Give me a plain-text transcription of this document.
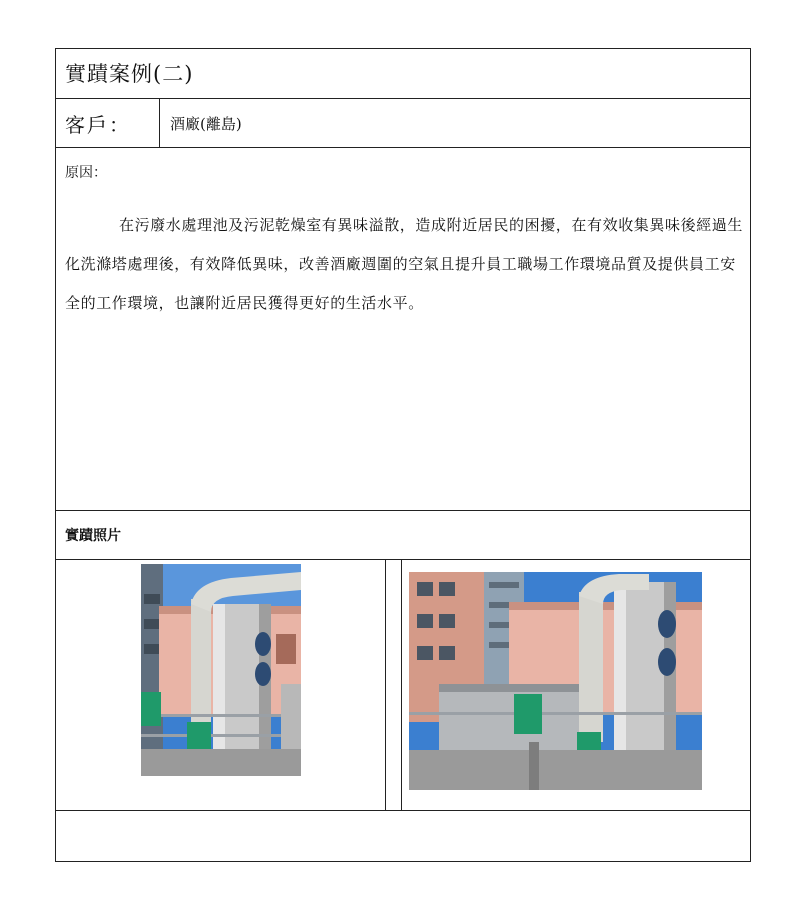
實蹟案例(二)
客戶：	酒廠(離島)
原因：

在污廢水處理池及污泥乾燥室有異味溢散，造成附近居民的困擾，在有效收集異味後經過生化洗滌塔處理後，有效降低異味，改善酒廠週圍的空氣且提升員工職場工作環境品質及提供員工安全的工作環境，也讓附近居民獲得更好的生活水平。

實蹟照片
